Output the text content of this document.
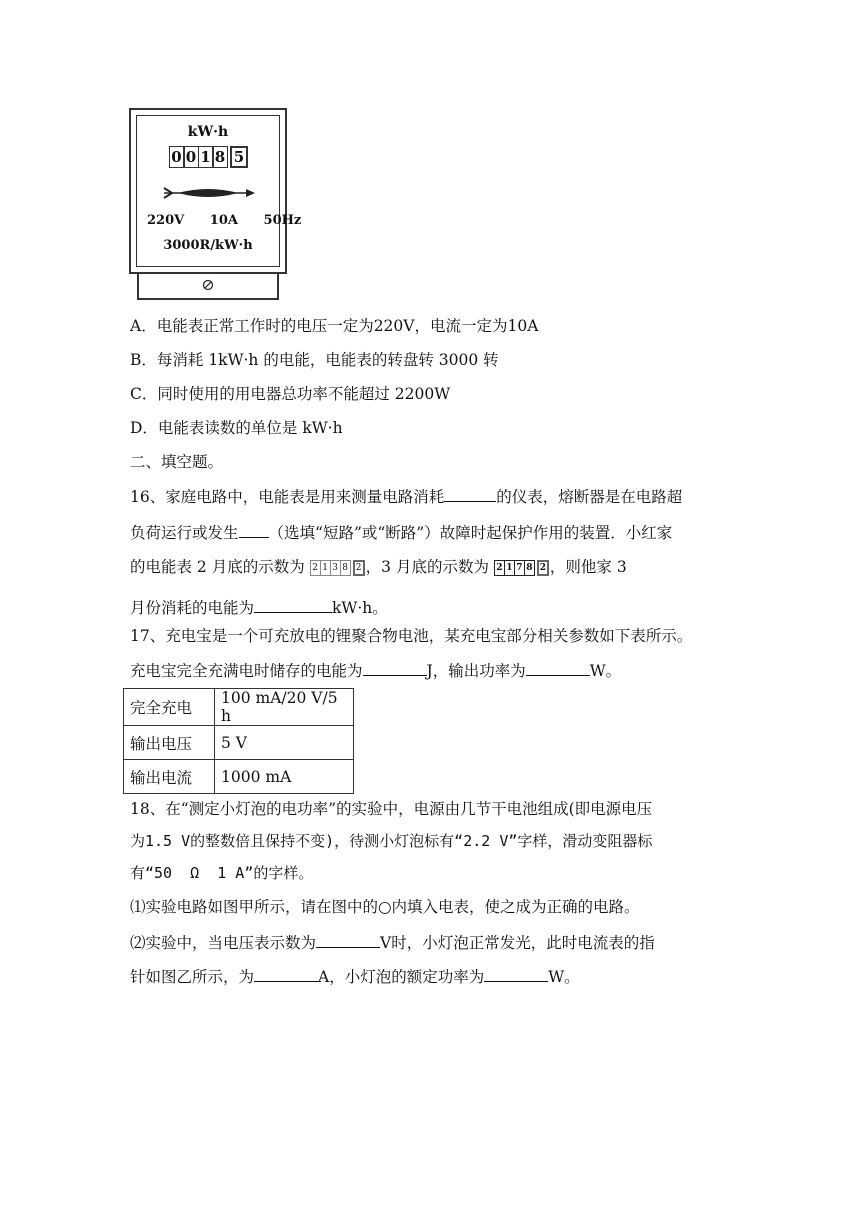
kW·h
0 0 1 8 5
220V   10A   50Hz
3000R/kW·h
A．电能表正常工作时的电压一定为220V，电流一定为10A
B．每消耗 1kW·h 的电能，电能表的转盘转 3000 转
C．同时使用的用电器总功率不能超过 2200W
D．电能表读数的单位是 kW·h
二、填空题。
16、家庭电路中，电能表是用来测量电路消耗	的仪表，熔断器是在电路超
负荷运行或发生 （选填“短路”或“断路”）故障时起保护作用的装置．小红家
的电能表 2 月底的示数为 2 1 3 8 2 ，3 月底的示数为 2 1 7 8 2 ，则他家 3
月份消耗的电能为	kW·h。
17、充电宝是一个可充放电的锂聚合物电池，某充电宝部分相关参数如下表所示。
充电宝完全充满电时储存的电能为	J，输出功率为	W。
完全充电	100 mA/20 V/5 h
输出电压	5 V
输出电流	1000 mA
18、在“测定小灯泡的电功率”的实验中，电源由几节干电池组成(即电源电压
为1.5 V的整数倍且保持不变)，待测小灯泡标有“2.2 V”字样，滑动变阻器标
有“50  Ω  1 A”的字样。
⑴实验电路如图甲所示，请在图中的○内填入电表，使之成为正确的电路。
⑵实验中，当电压表示数为	V时，小灯泡正常发光，此时电流表的指
针如图乙所示，为	A，小灯泡的额定功率为	W。
